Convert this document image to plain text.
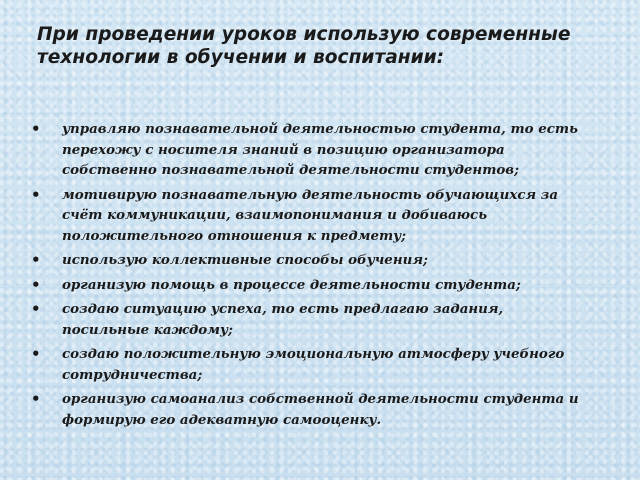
При проведении уроков использую современные технологии в обучении и воспитании:
• управляю познавательной деятельностью студента, то есть перехожу с носителя знаний в позицию организатора собственно познавательной деятельности студентов;
• мотивирую познавательную деятельность обучающихся за счёт коммуникации, взаимопонимания и добиваюсь положительного отношения к предмету;
• использую коллективные способы обучения;
• организую помощь в процессе деятельности студента;
• создаю ситуацию успеха, то есть предлагаю задания, посильные каждому;
• создаю положительную эмоциональную атмосферу учебного сотрудничества;
• организую самоанализ собственной деятельности студента и формирую его адекватную самооценку.
